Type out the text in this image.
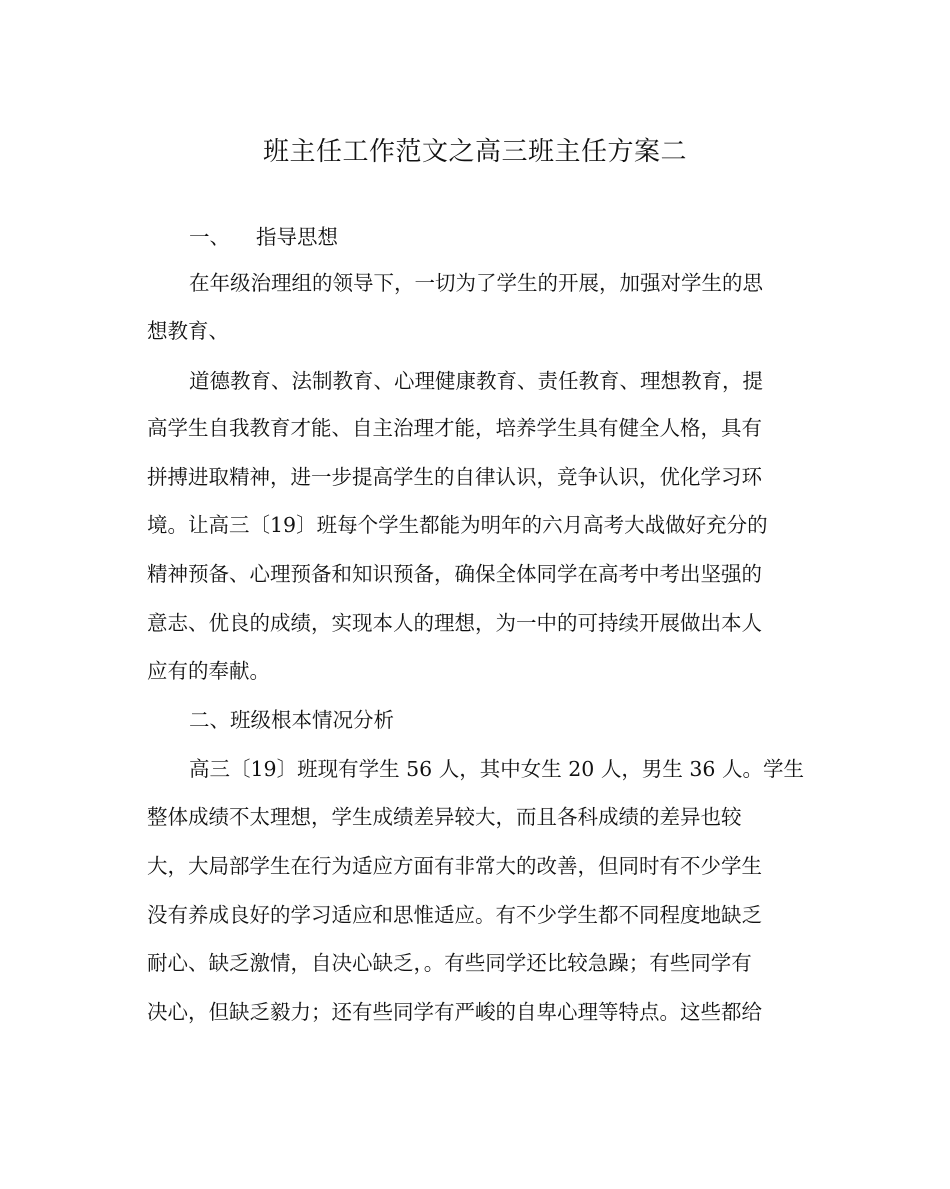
班主任工作范文之高三班主任方案二
一、 指导思想
在年级治理组的领导下，一切为了学生的开展，加强对学生的思
想教育、
道德教育、法制教育、心理健康教育、责任教育、理想教育，提
高学生自我教育才能、自主治理才能，培养学生具有健全人格，具有
拼搏进取精神，进一步提高学生的自律认识，竞争认识，优化学习环
境。让高三〔19〕班每个学生都能为明年的六月高考大战做好充分的
精神预备、心理预备和知识预备，确保全体同学在高考中考出坚强的
意志、优良的成绩，实现本人的理想，为一中的可持续开展做出本人
应有的奉献。
二、班级根本情况分析
高三〔19〕班现有学生 56 人，其中女生 20 人，男生 36 人。学生
整体成绩不太理想，学生成绩差异较大，而且各科成绩的差异也较
大，大局部学生在行为适应方面有非常大的改善，但同时有不少学生
没有养成良好的学习适应和思惟适应。有不少学生都不同程度地缺乏
耐心、缺乏激情，自决心缺乏，。有些同学还比较急躁；有些同学有
决心，但缺乏毅力；还有些同学有严峻的自卑心理等特点。这些都给
